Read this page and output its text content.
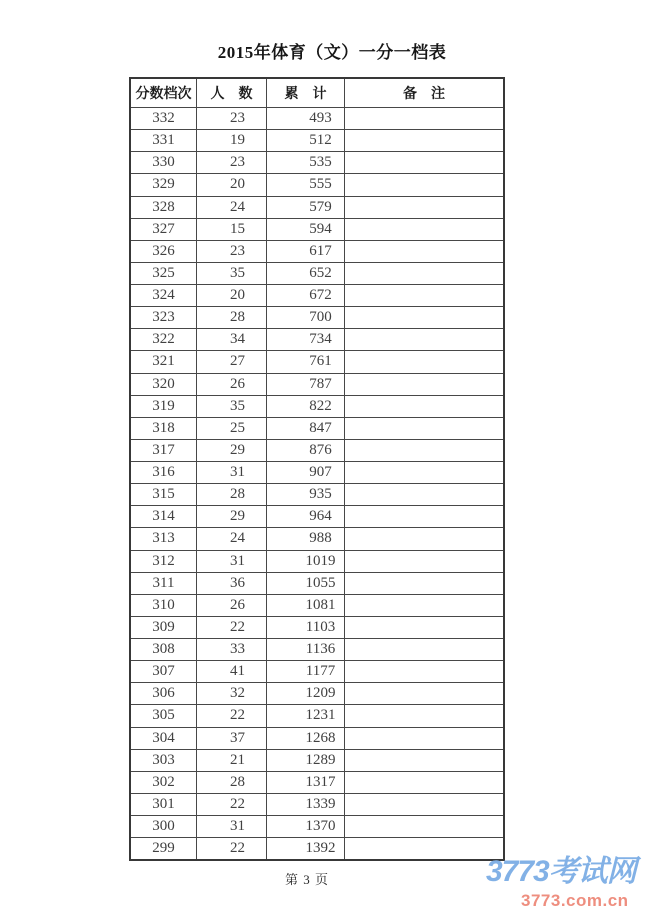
2015年体育（文）一分一档表
分数档次	人　数	累　计	备　注
332	23	493
331	19	512
330	23	535
329	20	555
328	24	579
327	15	594
326	23	617
325	35	652
324	20	672
323	28	700
322	34	734
321	27	761
320	26	787
319	35	822
318	25	847
317	29	876
316	31	907
315	28	935
314	29	964
313	24	988
312	31	1019
311	36	1055
310	26	1081
309	22	1103
308	33	1136
307	41	1177
306	32	1209
305	22	1231
304	37	1268
303	21	1289
302	28	1317
301	22	1339
300	31	1370
299	22	1392
第 3 页	3773考试网
3773.com.cn
